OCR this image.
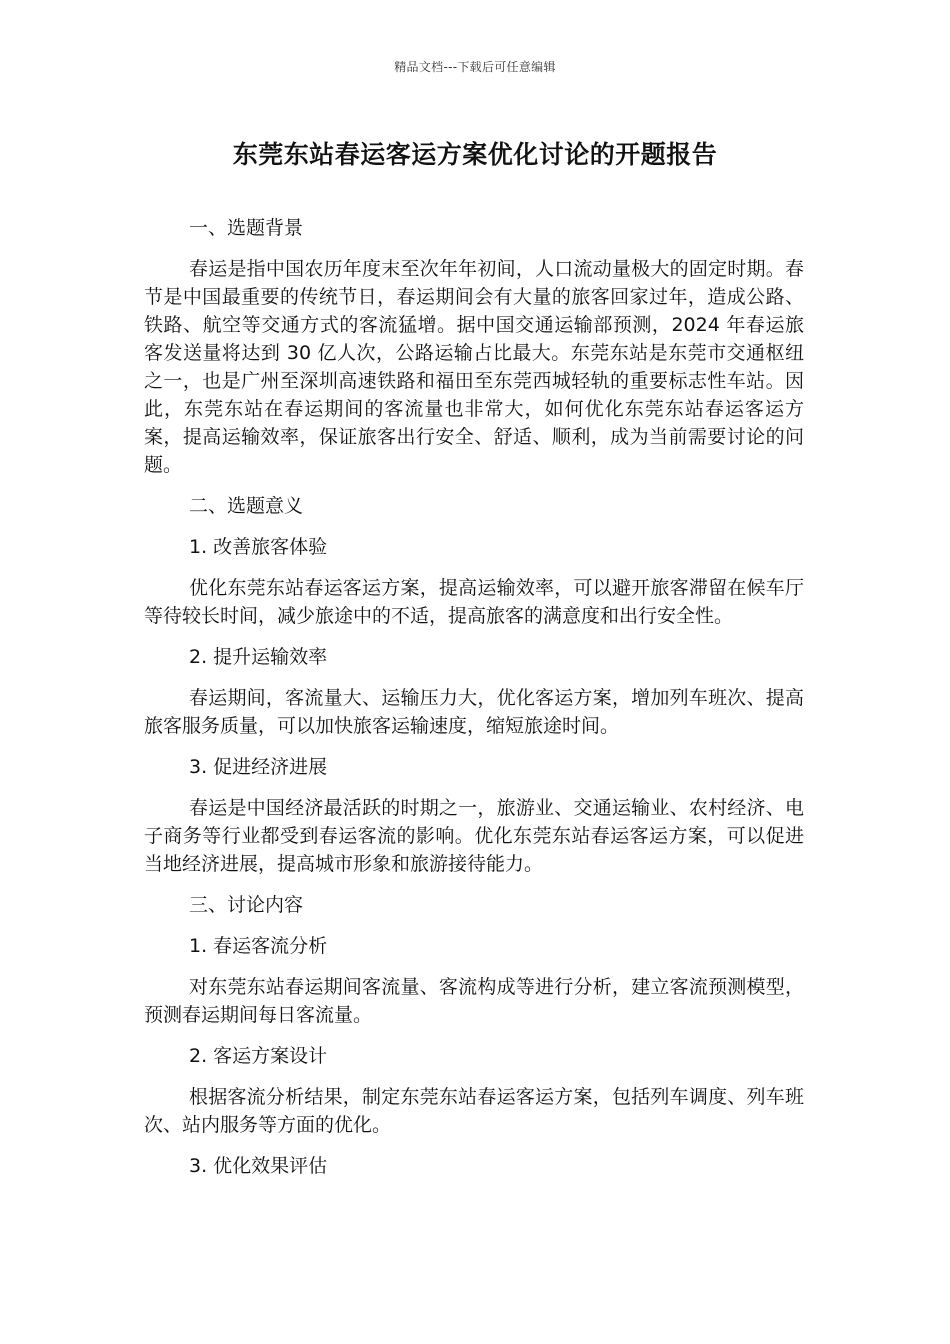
精品文档---下载后可任意编辑
东莞东站春运客运方案优化讨论的开题报告

一、选题背景

春运是指中国农历年度末至次年年初间，人口流动量极大的固定时期。春节是中国最重要的传统节日，春运期间会有大量的旅客回家过年，造成公路、铁路、航空等交通方式的客流猛增。据中国交通运输部预测，2024 年春运旅客发送量将达到 30 亿人次，公路运输占比最大。东莞东站是东莞市交通枢纽之一，也是广州至深圳高速铁路和福田至东莞西城轻轨的重要标志性车站。因此，东莞东站在春运期间的客流量也非常大，如何优化东莞东站春运客运方案，提高运输效率，保证旅客出行安全、舒适、顺利，成为当前需要讨论的问题。

二、选题意义

1. 改善旅客体验

优化东莞东站春运客运方案，提高运输效率，可以避开旅客滞留在候车厅等待较长时间，减少旅途中的不适，提高旅客的满意度和出行安全性。

2. 提升运输效率

春运期间，客流量大、运输压力大，优化客运方案，增加列车班次、提高旅客服务质量，可以加快旅客运输速度，缩短旅途时间。

3. 促进经济进展

春运是中国经济最活跃的时期之一，旅游业、交通运输业、农村经济、电子商务等行业都受到春运客流的影响。优化东莞东站春运客运方案，可以促进当地经济进展，提高城市形象和旅游接待能力。

三、讨论内容

1. 春运客流分析

对东莞东站春运期间客流量、客流构成等进行分析，建立客流预测模型，预测春运期间每日客流量。

2. 客运方案设计

根据客流分析结果，制定东莞东站春运客运方案，包括列车调度、列车班次、站内服务等方面的优化。

3. 优化效果评估
